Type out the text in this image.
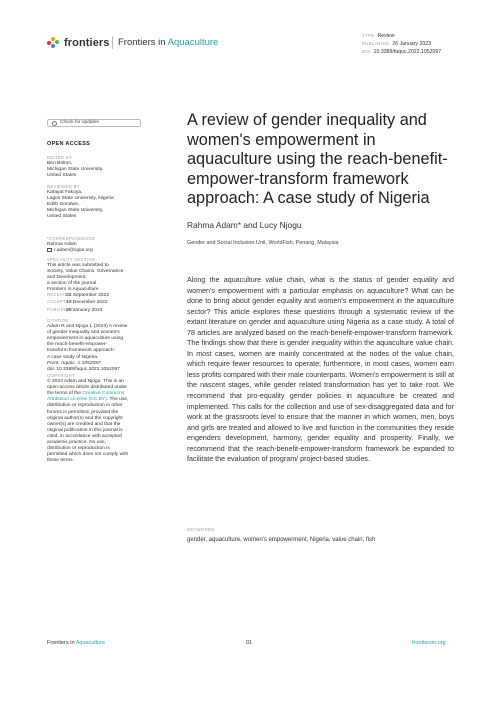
frontiers Frontiers in Aquaculture
TYPE Review
PUBLISHED 26 January 2023
DOI 10.3389/faquc.2022.1052097
Check for updates
OPEN ACCESS
EDITED BY
Ben Belton,
Michigan State University,
United States
REVIEWED BY
Kafayat Fakoya,
Lagos State University, Nigeria
Edith Gondwe,
Michigan State University,
United States
*CORRESPONDENCE
Rahma Adam
r.adam@cgiar.org
SPECIALTY SECTION
This article was submitted to
Society, Value Chains, Governance
and Development,
a section of the journal
Frontiers in Aquaculture
RECEIVED23 September 2022
ACCEPTED12 December 2022
PUBLISHED26 January 2023
CITATION
Adam R and Njogu L (2023) A review
of gender inequality and women's
empowerment in aquaculture using
the reach-benefit-empower-
transform framework approach:
A case study of Nigeria.
Front. Aquac. 1:1052097.
doi: 10.3389/faquc.2022.1052097
COPYRIGHT
© 2023 Adam and Njogu. This is an
open-access article distributed under
the terms of the Creative Commons
Attribution License (CC BY). The use,
distribution or reproduction in other
forums is permitted, provided the
original author(s) and the copyright
owner(s) are credited and that the
original publication in this journal is
cited, in accordance with accepted
academic practice. No use,
distribution or reproduction is
permitted which does not comply with
these terms.
A review of gender inequality and women's empowerment in aquaculture using the reach-benefit-empower-transform framework approach: A case study of Nigeria
Rahma Adam* and Lucy Njogu
Gender and Social Inclusion Unit, WorldFish, Penang, Malaysia
Along the aquaculture value chain, what is the status of gender equality and women's empowerment with a particular emphasis on aquaculture? What can be done to bring about gender equality and women's empowerment in the aquaculture sector? This article explores these questions through a systematic review of the extant literature on gender and aquaculture using Nigeria as a case study. A total of 78 articles are analyzed based on the reach-benefit-empower-transform framework. The findings show that there is gender inequality within the aquaculture value chain. In most cases, women are mainly concentrated at the nodes of the value chain, which require fewer resources to operate; furthermore, in most cases, women earn less profits compared with their male counterparts. Women's empowerment is still at the nascent stages, while gender related transformation has yet to take root. We recommend that pro-equality gender policies in aquaculture be created and implemented. This calls for the collection and use of sex-disaggregated data and for work at the grassroots level to ensure that the manner in which women, men, boys and girls are treated and allowed to live and function in the communities they reside engenders development, harmony, gender equality and prosperity. Finally, we recommend that the reach-benefit-empower-transform framework be expanded to facilitate the evaluation of program/ project-based studies.
KEYWORDS
gender, aquaculture, women's empowerment, Nigeria, value chain, fish
Frontiers in Aquaculture	01	frontiersin.org
